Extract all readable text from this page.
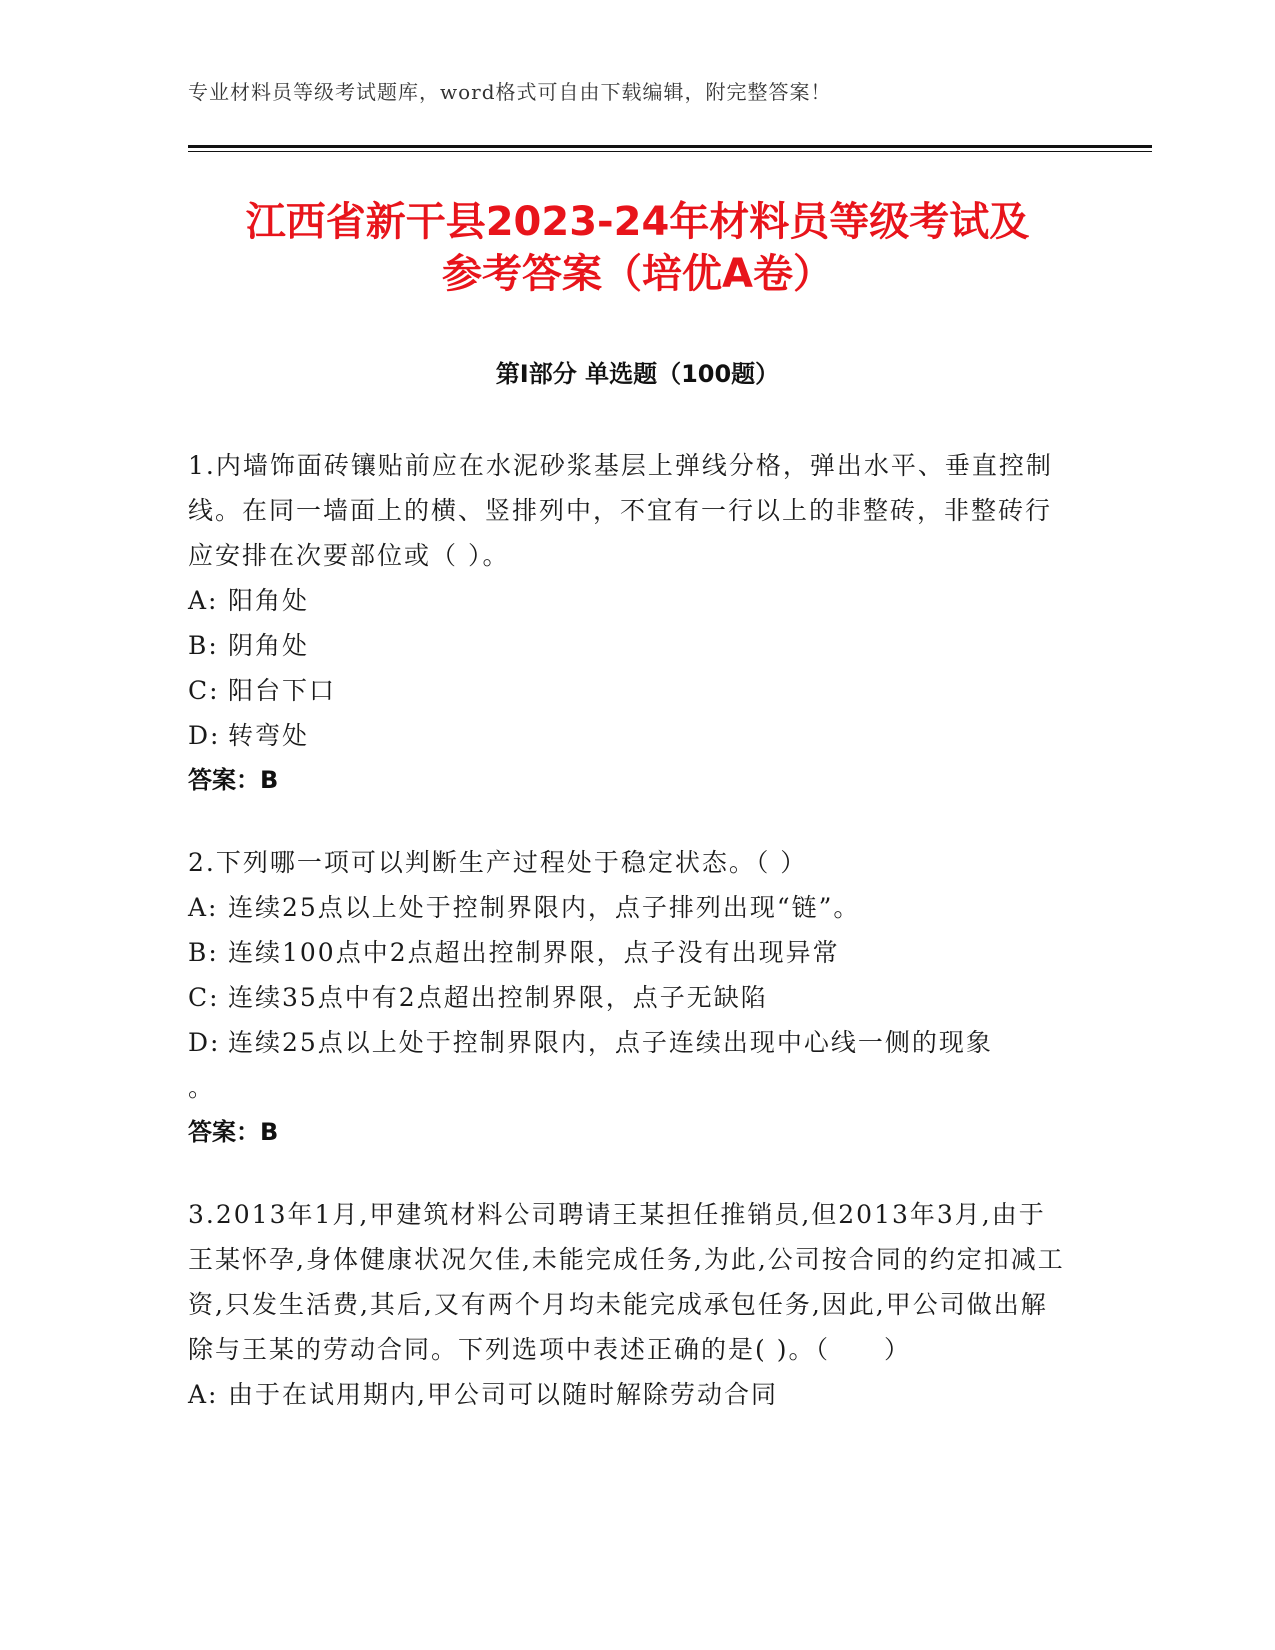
专业材料员等级考试题库，word格式可自由下载编辑，附完整答案！
江西省新干县2023-24年材料员等级考试及
参考答案（培优A卷）
第Ⅰ部分 单选题（100题）
1.内墙饰面砖镶贴前应在水泥砂浆基层上弹线分格，弹出水平、垂直控制线。在同一墙面上的横、竖排列中，不宜有一行以上的非整砖，非整砖行应安排在次要部位或（ ）。
A: 阳角处
B: 阴角处
C: 阳台下口
D: 转弯处
答案：B
2.下列哪一项可以判断生产过程处于稳定状态。（ ）
A: 连续25点以上处于控制界限内，点子排列出现“链”。
B: 连续100点中2点超出控制界限，点子没有出现异常
C: 连续35点中有2点超出控制界限，点子无缺陷
D: 连续25点以上处于控制界限内，点子连续出现中心线一侧的现象
。
答案：B
3.2013年1月,甲建筑材料公司聘请王某担任推销员,但2013年3月,由于王某怀孕,身体健康状况欠佳,未能完成任务,为此,公司按合同的约定扣减工资,只发生活费,其后,又有两个月均未能完成承包任务,因此,甲公司做出解除与王某的劳动合同。下列选项中表述正确的是( )。（　　）
A: 由于在试用期内,甲公司可以随时解除劳动合同
